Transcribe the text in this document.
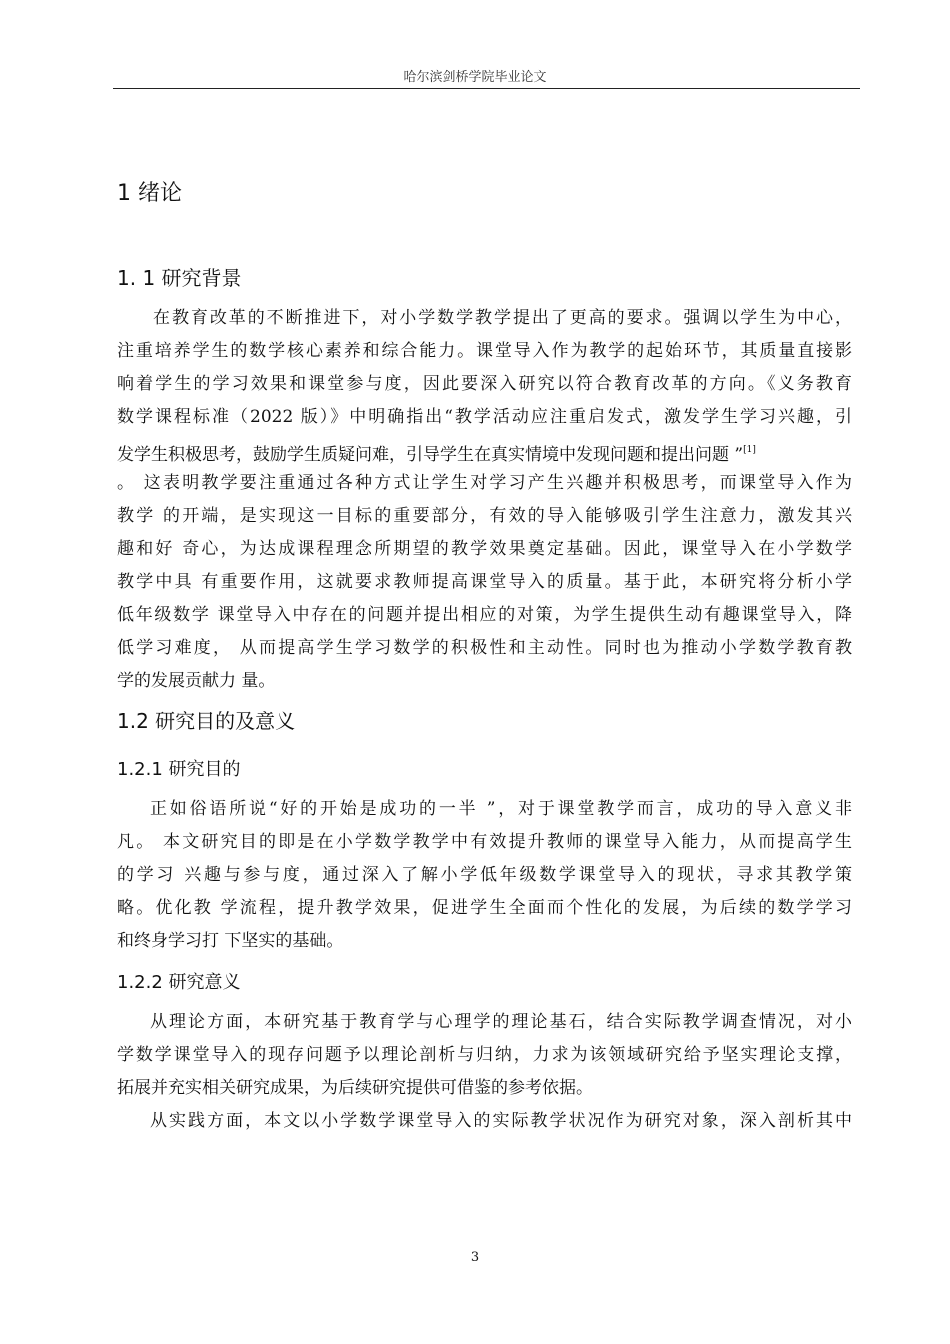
哈尔滨剑桥学院毕业论文
1 绪论
1. 1 研究背景
在教育改革的不断推进下，对小学数学教学提出了更高的要求。强调以学生为中心，
注重培养学生的数学核心素养和综合能力。课堂导入作为教学的起始环节，其质量直接影
响着学生的学习效果和课堂参与度，因此要深入研究以符合教育改革的方向。《义务教育
数学课程标准（2022 版）》中明确指出“教学活动应注重启发式，激发学生学习兴趣，引
发学生积极思考，鼓励学生质疑问难，引导学生在真实情境中发现问题和提出问题 ”[1]
。 这表明教学要注重通过各种方式让学生对学习产生兴趣并积极思考，而课堂导入作为
教学 的开端，是实现这一目标的重要部分，有效的导入能够吸引学生注意力，激发其兴
趣和好 奇心，为达成课程理念所期望的教学效果奠定基础。因此，课堂导入在小学数学
教学中具 有重要作用，这就要求教师提高课堂导入的质量。基于此，本研究将分析小学
低年级数学 课堂导入中存在的问题并提出相应的对策，为学生提供生动有趣课堂导入，降
低学习难度， 从而提高学生学习数学的积极性和主动性。同时也为推动小学数学教育教
学的发展贡献力 量。
1.2 研究目的及意义
1.2.1 研究目的
正如俗语所说“好的开始是成功的一半 ”，对于课堂教学而言，成功的导入意义非
凡。 本文研究目的即是在小学数学教学中有效提升教师的课堂导入能力，从而提高学生
的学习 兴趣与参与度，通过深入了解小学低年级数学课堂导入的现状，寻求其教学策
略。优化教 学流程，提升教学效果，促进学生全面而个性化的发展，为后续的数学学习
和终身学习打 下坚实的基础。
1.2.2 研究意义
从理论方面，本研究基于教育学与心理学的理论基石，结合实际教学调查情况，对小
学数学课堂导入的现存问题予以理论剖析与归纳，力求为该领域研究给予坚实理论支撑，
拓展并充实相关研究成果，为后续研究提供可借鉴的参考依据。
从实践方面，本文以小学数学课堂导入的实际教学状况作为研究对象，深入剖析其中
3
